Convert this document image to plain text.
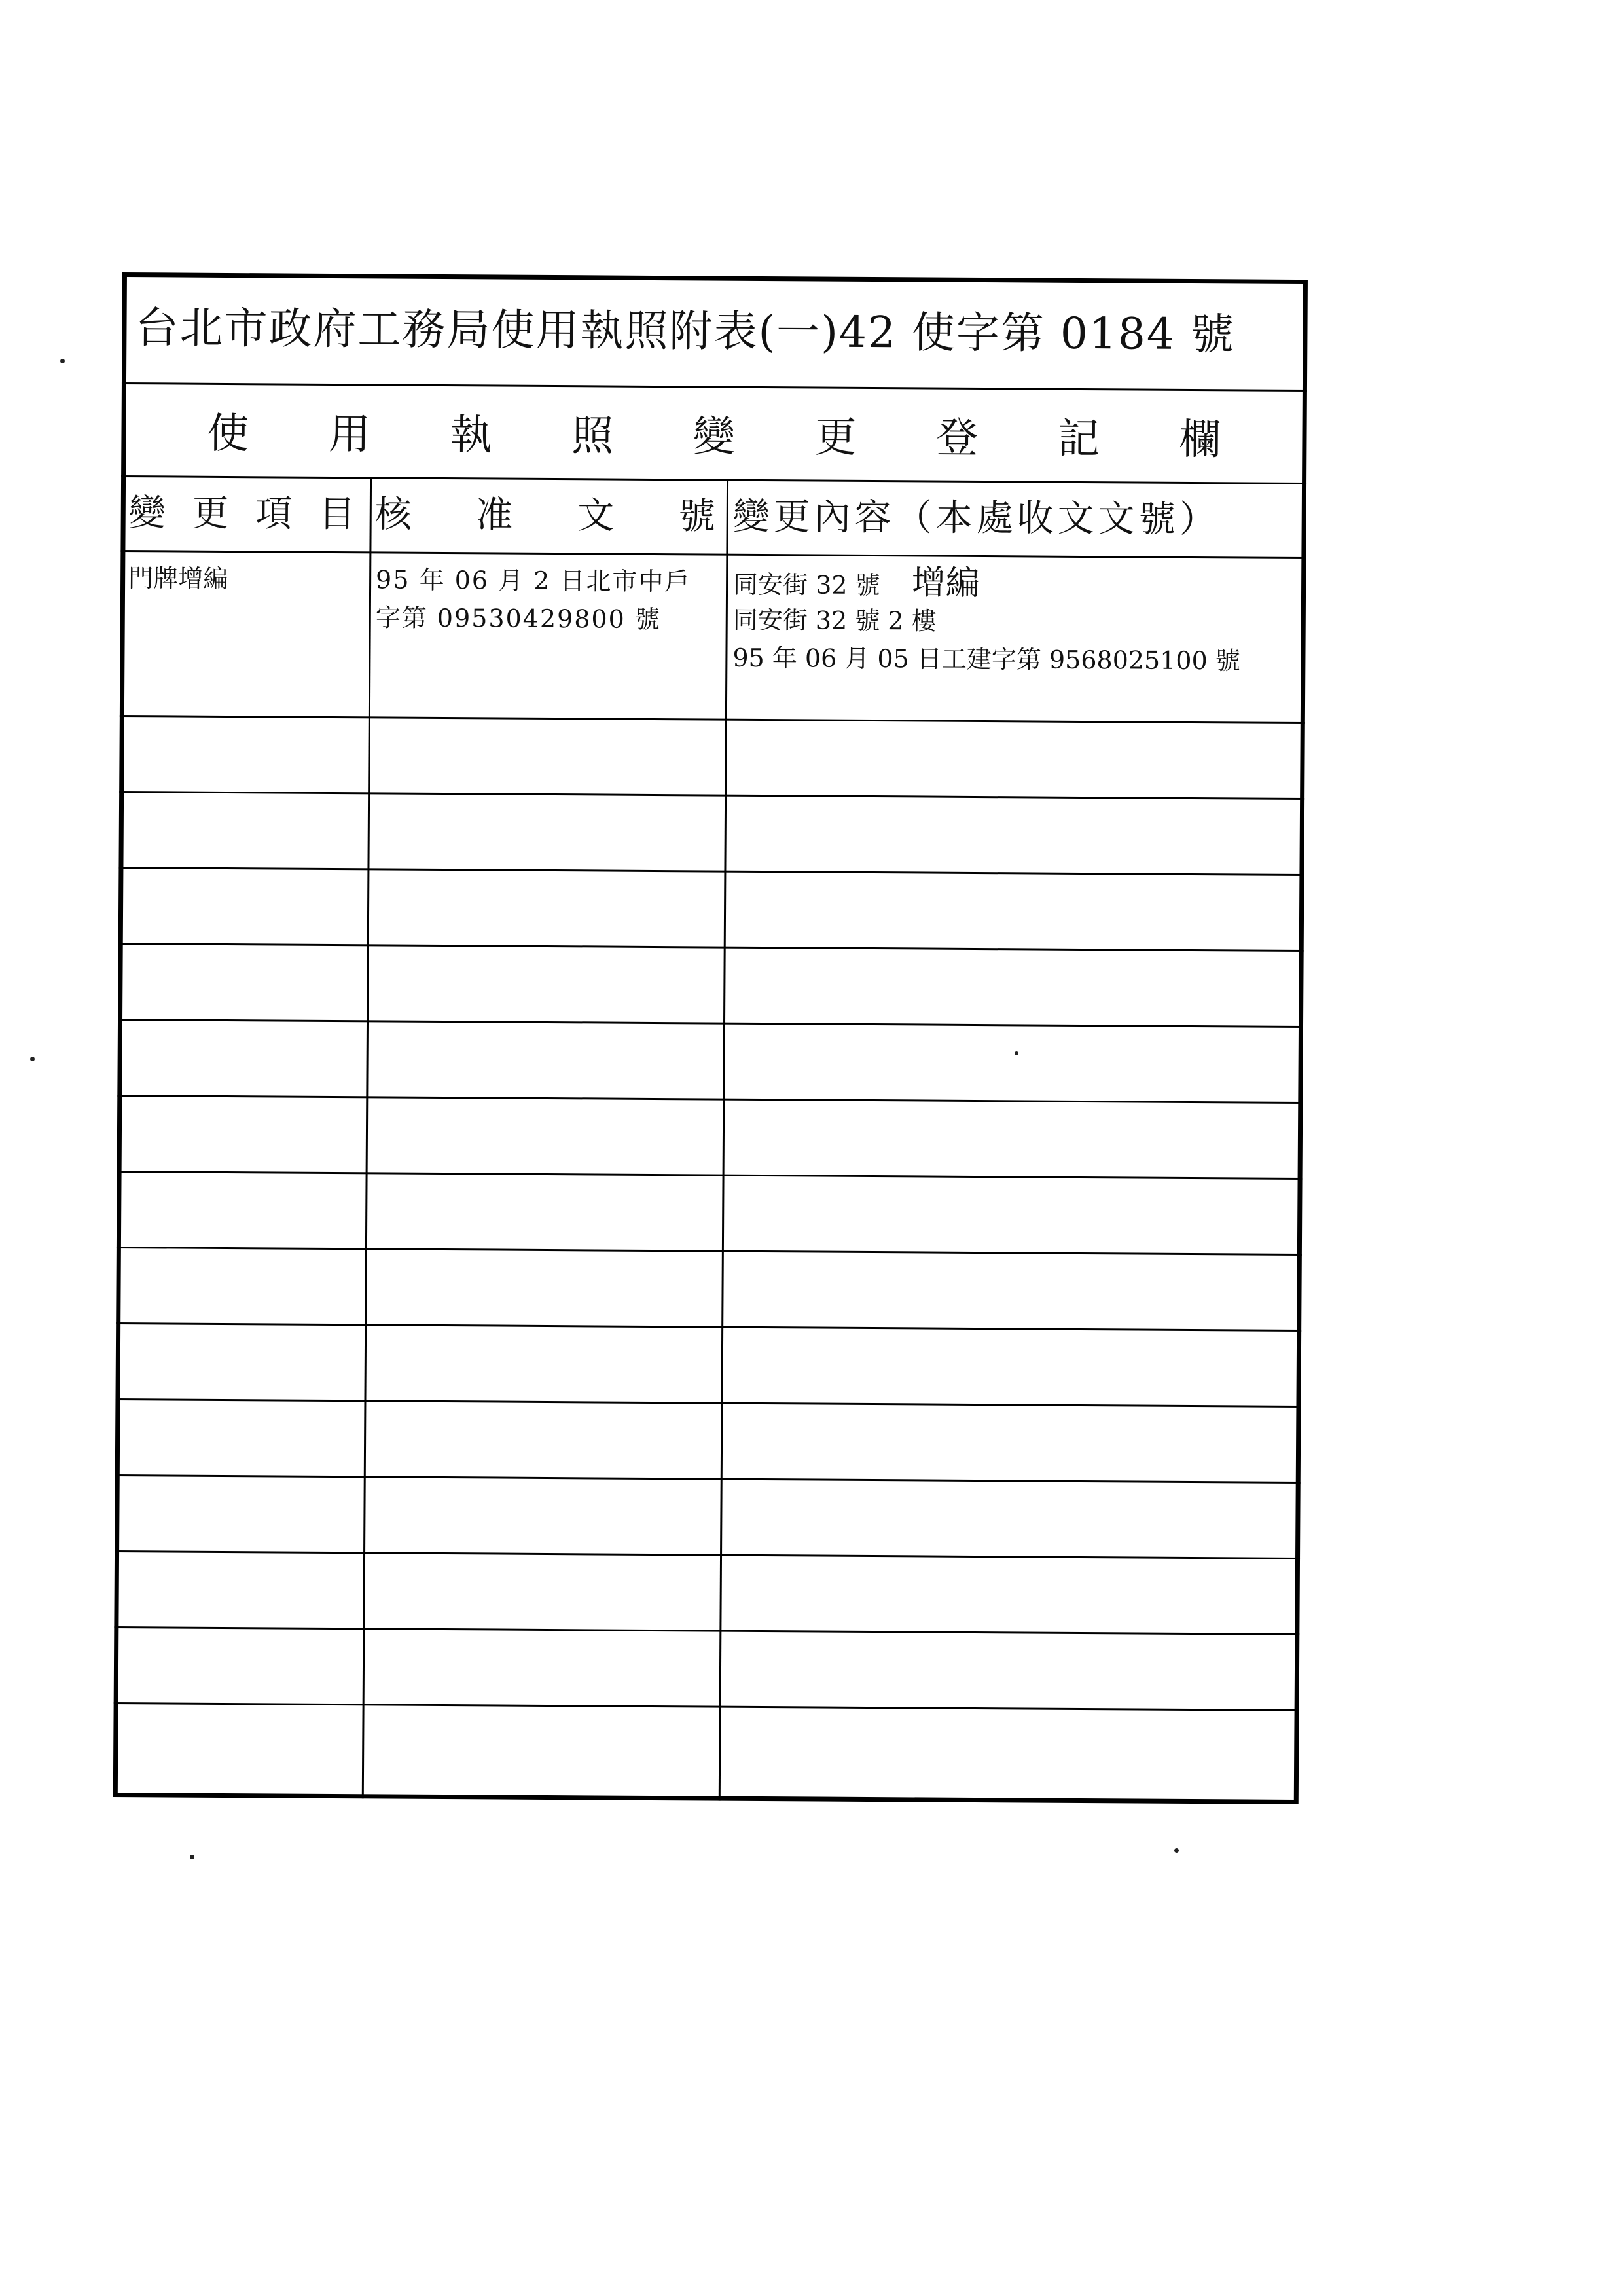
台北市政府工務局使用執照附表(一)42 使字第 0184 號
使 用 執 照 變 更 登 記 欄
變 更 項 目 核 准 文 號 變更內容（本處收文文號）
門牌增編	95 年 06 月 2 日北市中戶
字第 09530429800 號
同安街 32 號 增編
同安街 32 號 2 樓
95 年 06 月 05 日工建字第 9568025100 號
